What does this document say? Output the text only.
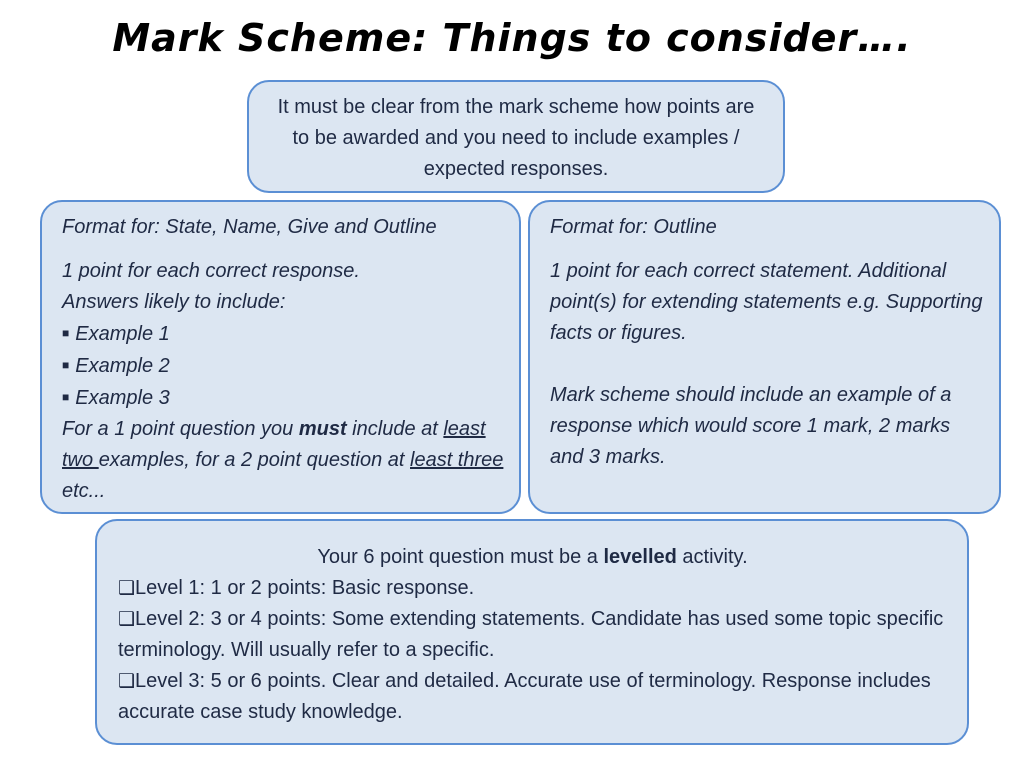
Mark Scheme: Things to consider….
It must be clear from the mark scheme how points are to be awarded and you need to include examples / expected responses.
Format for: State, Name, Give and Outline
1 point for each correct response.
Answers likely to include:
■ Example 1
■ Example 2
■ Example 3
For a 1 point question you must include at least two examples, for a 2 point question at least three etc...
Format for: Outline
1 point for each correct statement. Additional point(s) for extending statements e.g. Supporting facts or figures.
Mark scheme should include an example of a response which would score 1 mark, 2 marks and 3 marks.
Your 6 point question must be a levelled activity.
❑Level 1: 1 or 2 points: Basic response.
❑Level 2: 3 or 4 points: Some extending statements. Candidate has used some topic specific terminology. Will usually refer to a specific.
❑Level 3: 5 or 6 points. Clear and detailed. Accurate use of terminology. Response includes accurate case study knowledge.
